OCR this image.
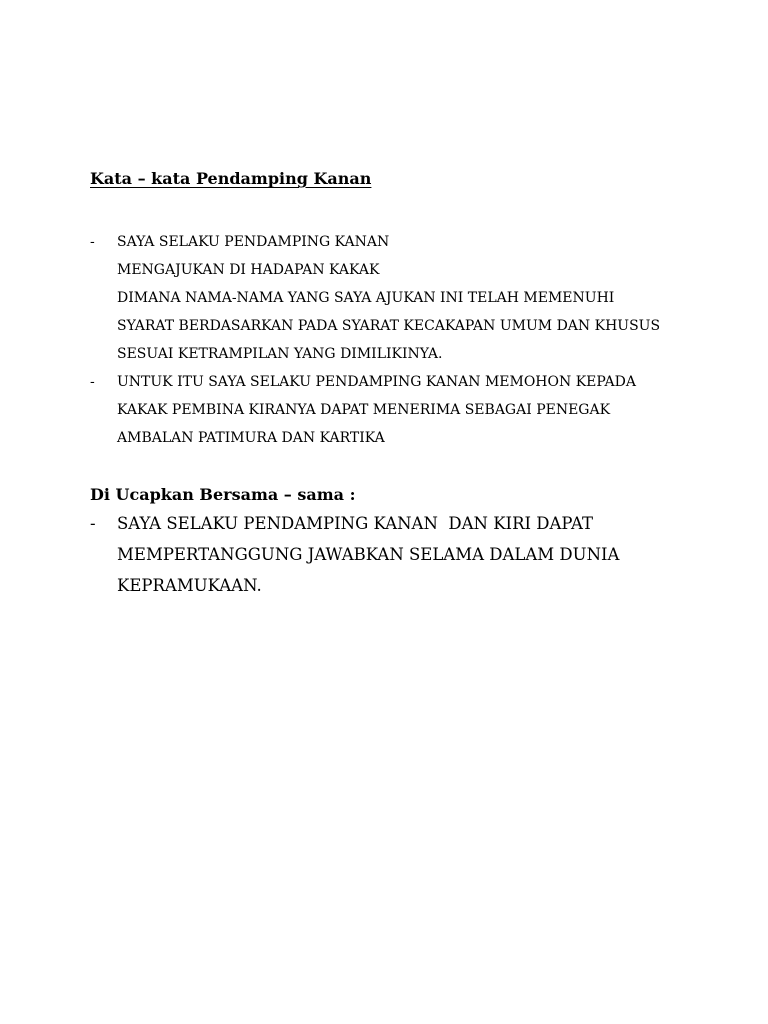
Kata – kata Pendamping Kanan
- SAYA SELAKU PENDAMPING KANAN
MENGAJUKAN DI HADAPAN KAKAK
DIMANA NAMA-NAMA YANG SAYA AJUKAN INI TELAH MEMENUHI
SYARAT BERDASARKAN PADA SYARAT KECAKAPAN UMUM DAN KHUSUS
SESUAI KETRAMPILAN YANG DIMILIKINYA.
- UNTUK ITU SAYA SELAKU PENDAMPING KANAN MEMOHON KEPADA
KAKAK PEMBINA KIRANYA DAPAT MENERIMA SEBAGAI PENEGAK
AMBALAN PATIMURA DAN KARTIKA
Di Ucapkan Bersama – sama :
- SAYA SELAKU PENDAMPING KANAN  DAN KIRI DAPAT
MEMPERTANGGUNG JAWABKAN SELAMA DALAM DUNIA
KEPRAMUKAAN.
